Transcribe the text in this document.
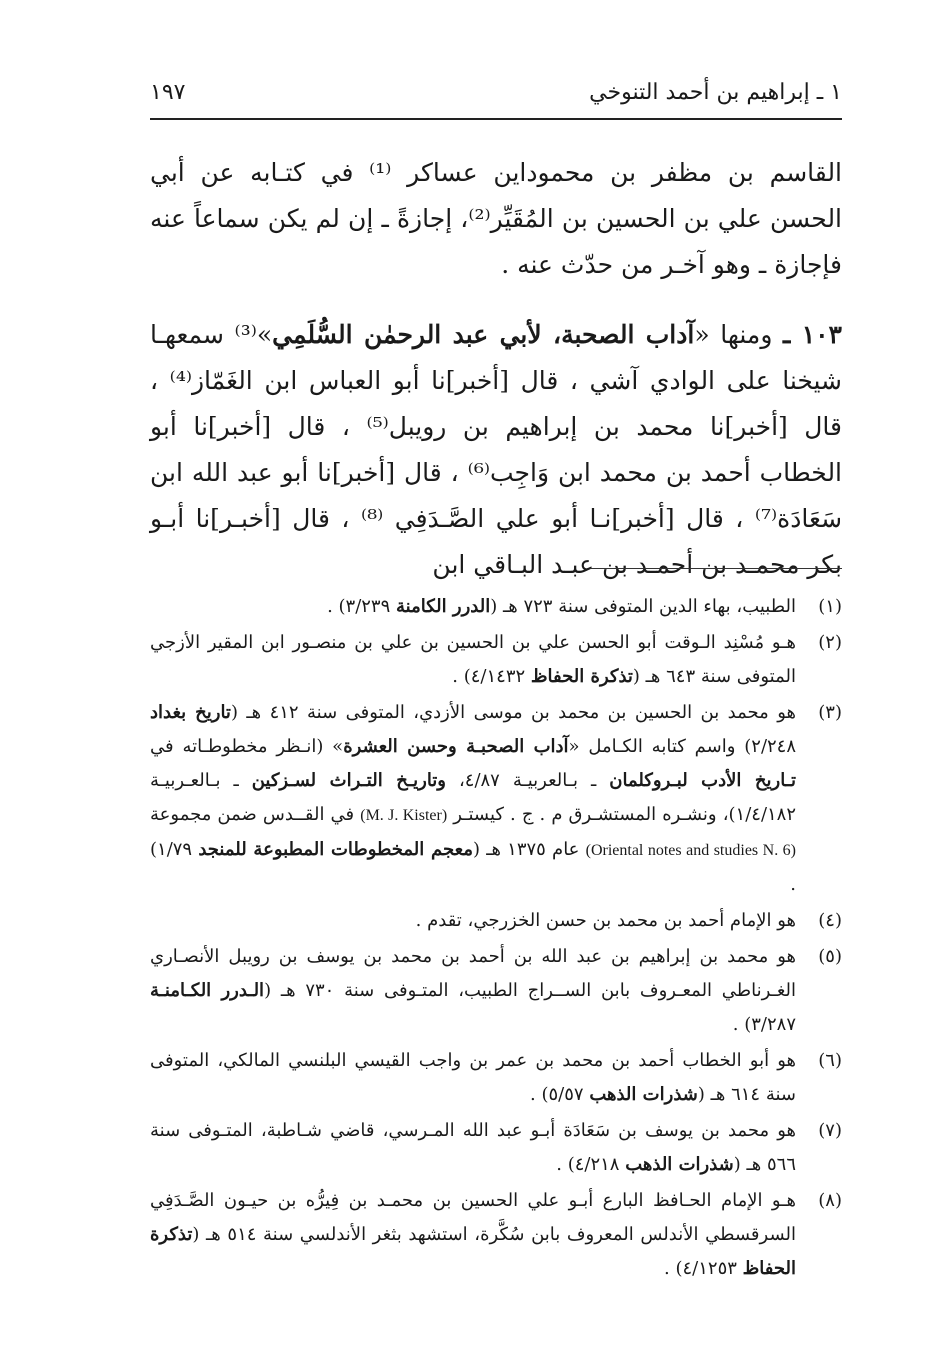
١ ـ إبراهيم بن أحمد التنوخي
١٩٧

القاسم بن مظفر بن محموداين عساكر ⁽¹⁾ في كتـابه عن أبي الحسن علي بن الحسين بن المُقَيِّر⁽²⁾، إجازةً ـ إن لم يكن سماعاً عنه فإجازة ـ وهو آخـر من حدّث عنه .

١٠٣ ـ ومنها «آداب الصحبة، لأبي عبد الرحمٰن السُّلَمِي»⁽³⁾ سمعهـا شيخنا على الوادي آشي ، قال [أخبر]نا أبو العباس ابن الغَمّاز⁽⁴⁾ ، قال [أخبر]نا محمد بن إبراهيم بن رويبل⁽⁵⁾ ، قال [أخبر]نا أبو الخطاب أحمد بن محمد ابن وَاجِب⁽⁶⁾ ، قال [أخبر]نا أبو عبد الله ابن سَعَادَة⁽⁷⁾ ، قال [أخبر]نـا أبو علي الصَّـدَفِي ⁽⁸⁾ ، قال [أخبـر]نا أبـو بكر محمـد بن أحمـد بن عبـد البـاقي ابن

(١)
الطبيب، بهاء الدين المتوفى سنة ٧٢٣ هـ (الدرر الكامنة ٣/٢٣٩) .
(٢)
هـو مُسْنِد الـوقت أبو الحسن علي بن الحسين بن علي بن منصـور ابن المقير الأزجي المتوفى سنة ٦٤٣ هـ (تذكرة الحفاظ ٤/١٤٣٢) .
(٣)
هو محمد بن الحسين بن محمد بن موسى الأزدي، المتوفى سنة ٤١٢ هـ (تاريخ بغداد ٢/٢٤٨) واسم كتابه الكـامل «آداب الصحبـة وحسن العشرة» (انـظر مخطوطـاته في تـاريخ الأدب لبـروكلمان ـ بـالعربيـة ٤/٨٧، وتاريـخ التـراث لسـزكين ـ بـالعـربيـة ١/٤/١٨٢)، ونشـره المستشـرق م . ج . كيستـر (M. J. Kister) في القــدس ضمن مجموعة (Oriental notes and studies N. 6) عام ١٣٧٥ هـ (معجم المخطوطات المطبوعة للمنجد ١/٧٩) .
(٤)
هو الإمام أحمد بن محمد بن حسن الخزرجي، تقدم .
(٥)
هو محمد بن إبراهيم بن عبد الله بن أحمد بن محمد بن يوسف بن رويبل الأنصـاري الغـرناطي المعـروف بابن الســراج الطبيب، المتـوفى سنة ٧٣٠ هـ (الـدرر الكـامنـة ٣/٢٨٧) .
(٦)
هو أبو الخطاب أحمد بن محمد بن عمر بن واجب القيسي البلنسي المالكي، المتوفى سنة ٦١٤ هـ (شذرات الذهب ٥/٥٧) .
(٧)
هو محمد بن يوسف بن سَعَادَة أبـو عبد الله المـرسي، قاضي شـاطبة، المتـوفى سنة ٥٦٦ هـ (شذرات الذهب ٤/٢١٨) .
(٨)
هـو الإمام الحـافظ البارع أبـو علي الحسين بن محمـد بن فِيرُّه بن حيـون الصَّـدَفِي السرقسطي الأندلس المعروف بابن سُكَّرة، استشهد بثغر الأندلسي سنة ٥١٤ هـ (تذكرة الحفاظ ٤/١٢٥٣) .
